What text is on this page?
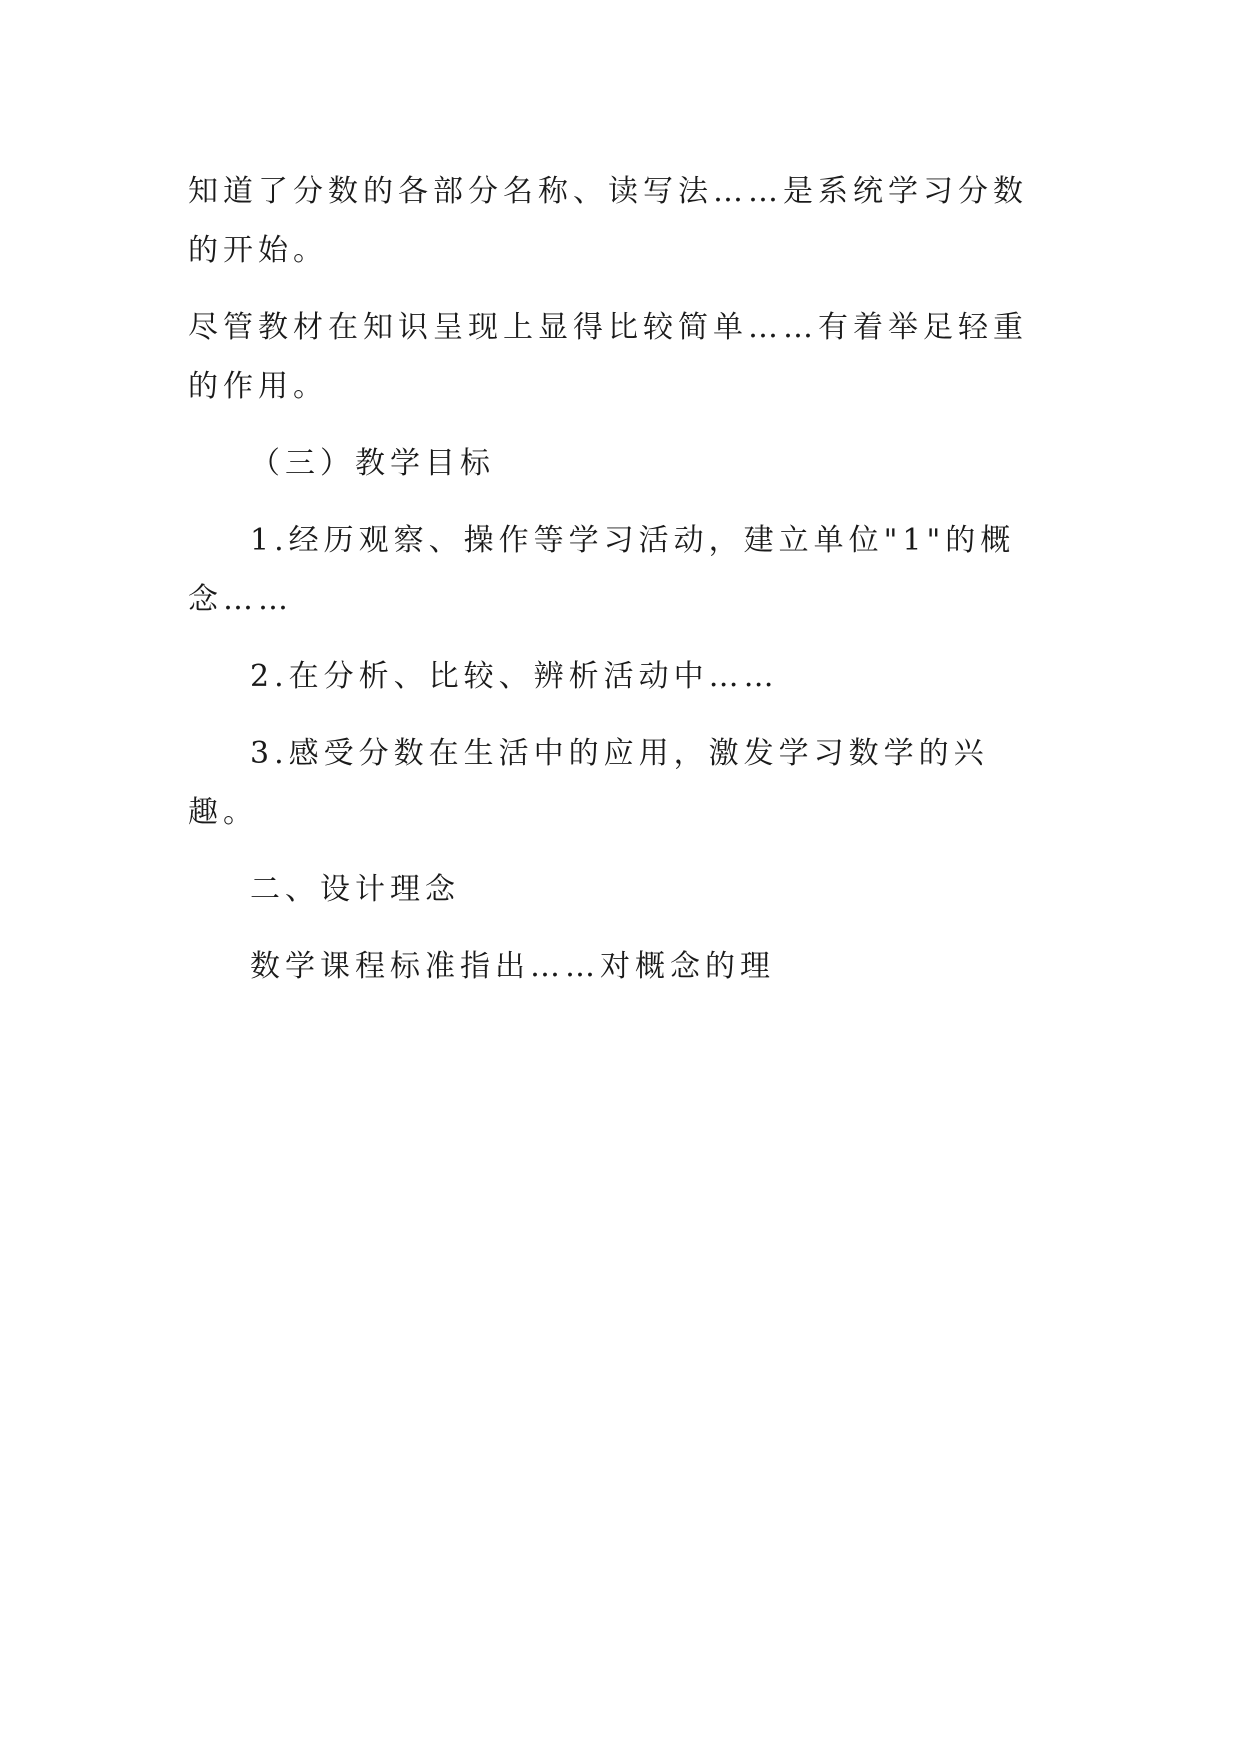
知道了分数的各部分名称、读写法……是系统学习分数的开始。

尽管教材在知识呈现上显得比较简单……有着举足轻重的作用。

（三）教学目标

1.经历观察、操作等学习活动，建立单位"1"的概念……

2.在分析、比较、辨析活动中……

3.感受分数在生活中的应用，激发学习数学的兴趣。

二、设计理念

数学课程标准指出……对概念的理
